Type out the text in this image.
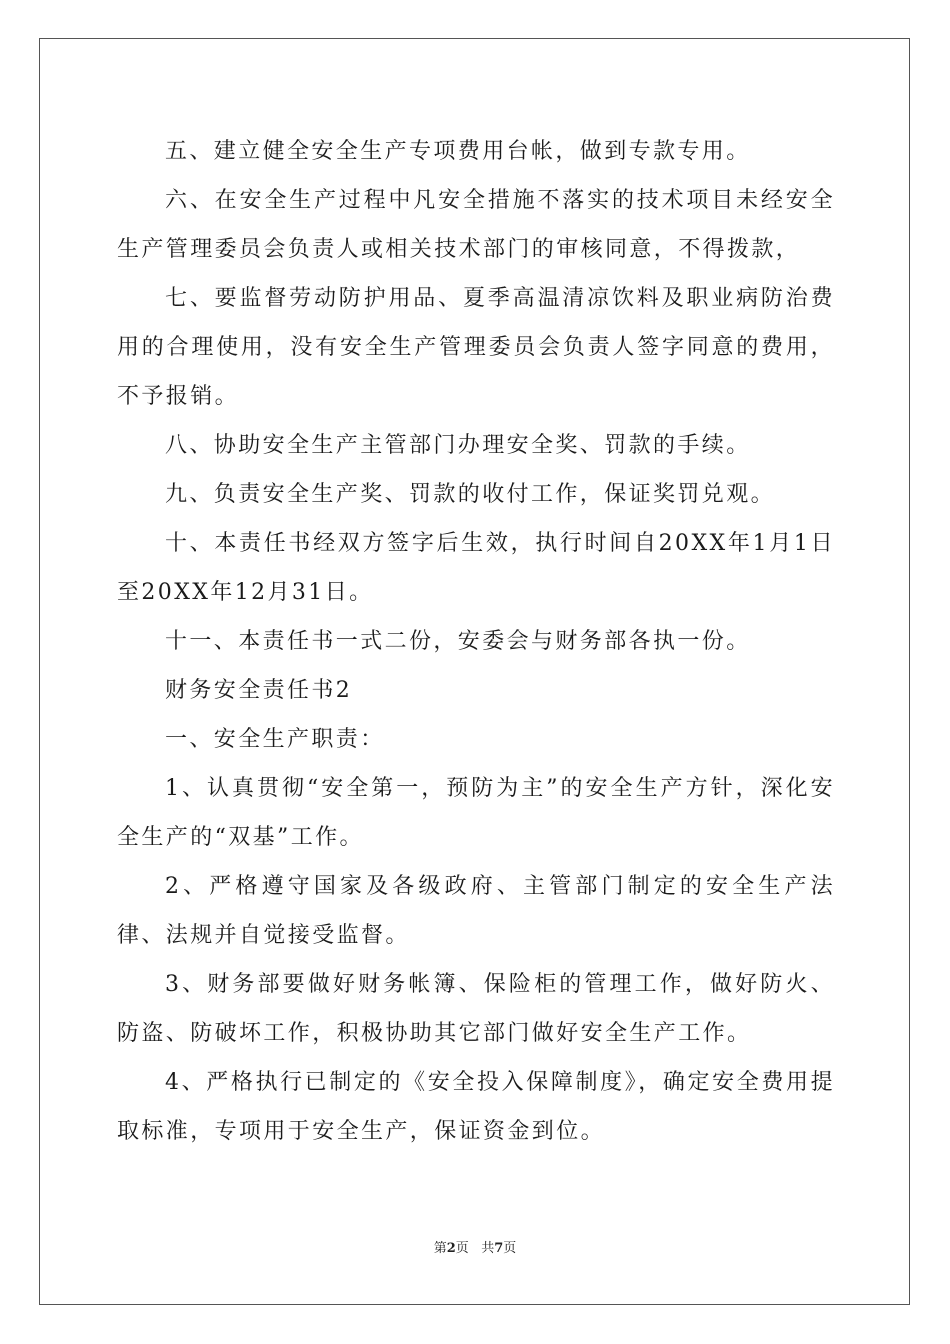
五、建立健全安全生产专项费用台帐，做到专款专用。

六、在安全生产过程中凡安全措施不落实的技术项目未经安全生产管理委员会负责人或相关技术部门的审核同意，不得拨款，

七、要监督劳动防护用品、夏季高温清凉饮料及职业病防治费用的合理使用，没有安全生产管理委员会负责人签字同意的费用，不予报销。

八、协助安全生产主管部门办理安全奖、罚款的手续。

九、负责安全生产奖、罚款的收付工作，保证奖罚兑观。

十、本责任书经双方签字后生效，执行时间自20XX年1月1日至20XX年12月31日。

十一、本责任书一式二份，安委会与财务部各执一份。

财务安全责任书2

一、安全生产职责：

1、认真贯彻“安全第一，预防为主”的安全生产方针，深化安全生产的“双基”工作。

2、严格遵守国家及各级政府、主管部门制定的安全生产法律、法规并自觉接受监督。

3、财务部要做好财务帐簿、保险柜的管理工作，做好防火、防盗、防破坏工作，积极协助其它部门做好安全生产工作。

4、严格执行已制定的《安全投入保障制度》，确定安全费用提取标准，专项用于安全生产，保证资金到位。

第2页 共7页
